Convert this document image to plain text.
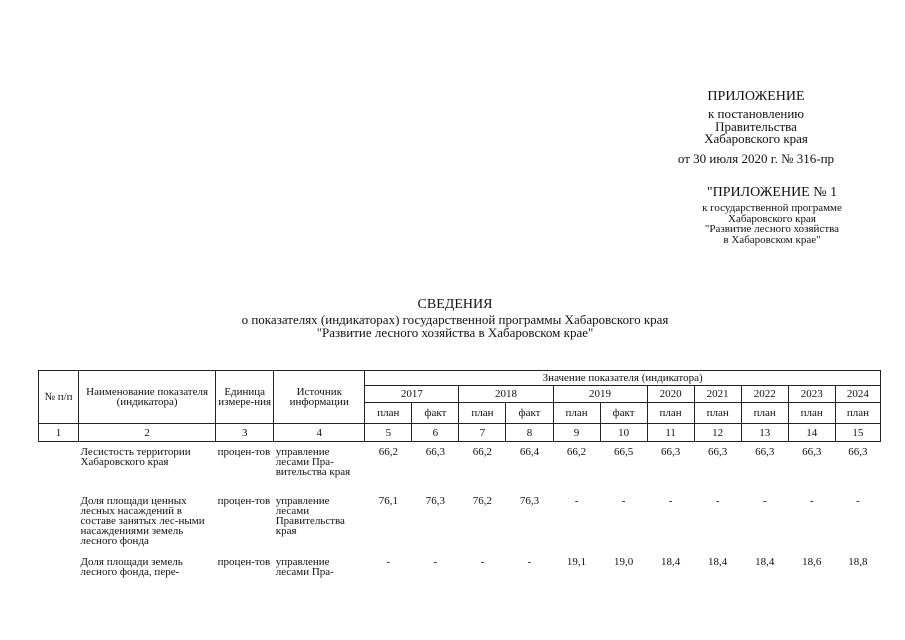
ПРИЛОЖЕНИЕ
к постановлению
Правительства
Хабаровского края
от 30 июля 2020 г. № 316-пр
"ПРИЛОЖЕНИЕ № 1
к государственной программе
Хабаровского края
"Развитие лесного хозяйства
в Хабаровском крае"
СВЕДЕНИЯ
о показателях (индикаторах) государственной программы Хабаровского края
"Развитие лесного хозяйства в Хабаровском крае"
№ п/п	Наименование показателя (индикатора)	Единица измере-ния	Источник информации	Значение показателя (индикатора)										
				2017		2018		2019		2020	2021	2022	2023	2024
				план	факт	план	факт	план	факт	план	план	план	план	план
1	2	3	4	5	6	7	8	9	10	11	12	13	14	15
	Лесистость территории Хабаровского края	процен-тов	управление лесами Пра-вительства края	66,2	66,3	66,2	66,4	66,2	66,5	66,3	66,3	66,3	66,3	66,3
	Доля площади ценных лесных насаждений в составе занятых лес-ными насаждениями земель лесного фонда	процен-тов	управление лесами Правительства края	76,1	76,3	76,2	76,3	-	-	-	-	-	-	-
	Доля площади земель лесного фонда, пере-	процен-тов	управление лесами Пра-	-	-	-	-	19,1	19,0	18,4	18,4	18,4	18,6	18,8
